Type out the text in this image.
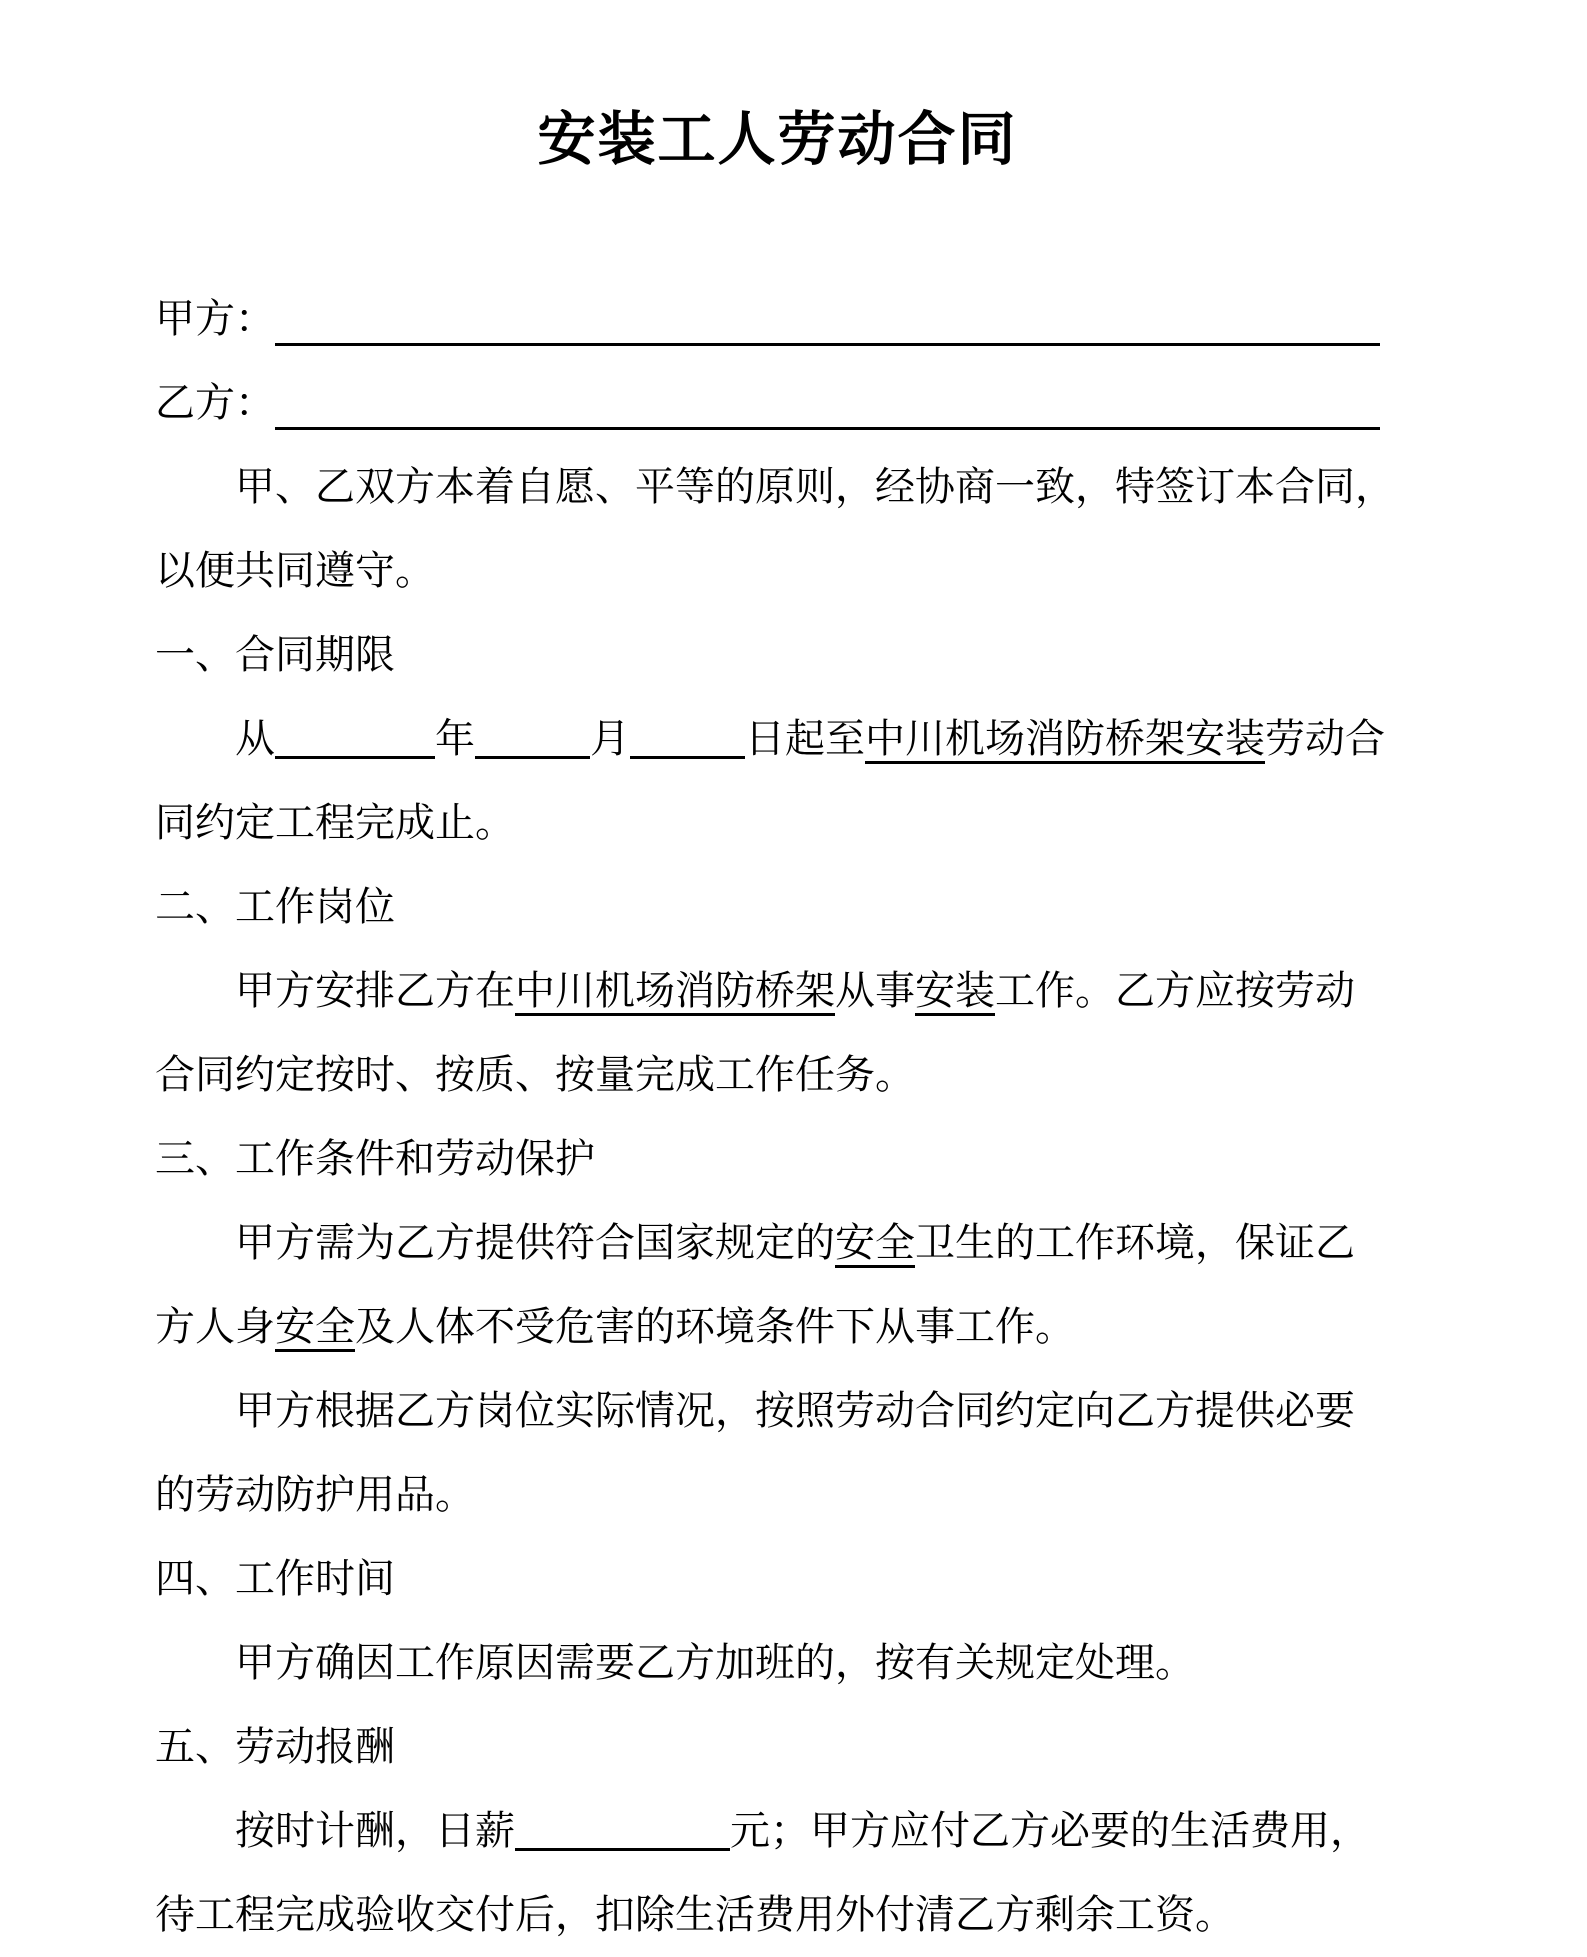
安装工人劳动合同
甲方：
乙方：
甲、乙双方本着自愿、平等的原则，经协商一致，特签订本合同，
以便共同遵守。
一、合同期限
从	年	月	日起至中川机场消防桥架安装劳动合
同约定工程完成止。
二、工作岗位
甲方安排乙方在中川机场消防桥架从事安装工作。乙方应按劳动
合同约定按时、按质、按量完成工作任务。
三、工作条件和劳动保护
甲方需为乙方提供符合国家规定的安全卫生的工作环境，保证乙
方人身安全及人体不受危害的环境条件下从事工作。
甲方根据乙方岗位实际情况，按照劳动合同约定向乙方提供必要
的劳动防护用品。
四、工作时间
甲方确因工作原因需要乙方加班的，按有关规定处理。
五、劳动报酬
按时计酬，日薪	元；甲方应付乙方必要的生活费用，
待工程完成验收交付后，扣除生活费用外付清乙方剩余工资。
